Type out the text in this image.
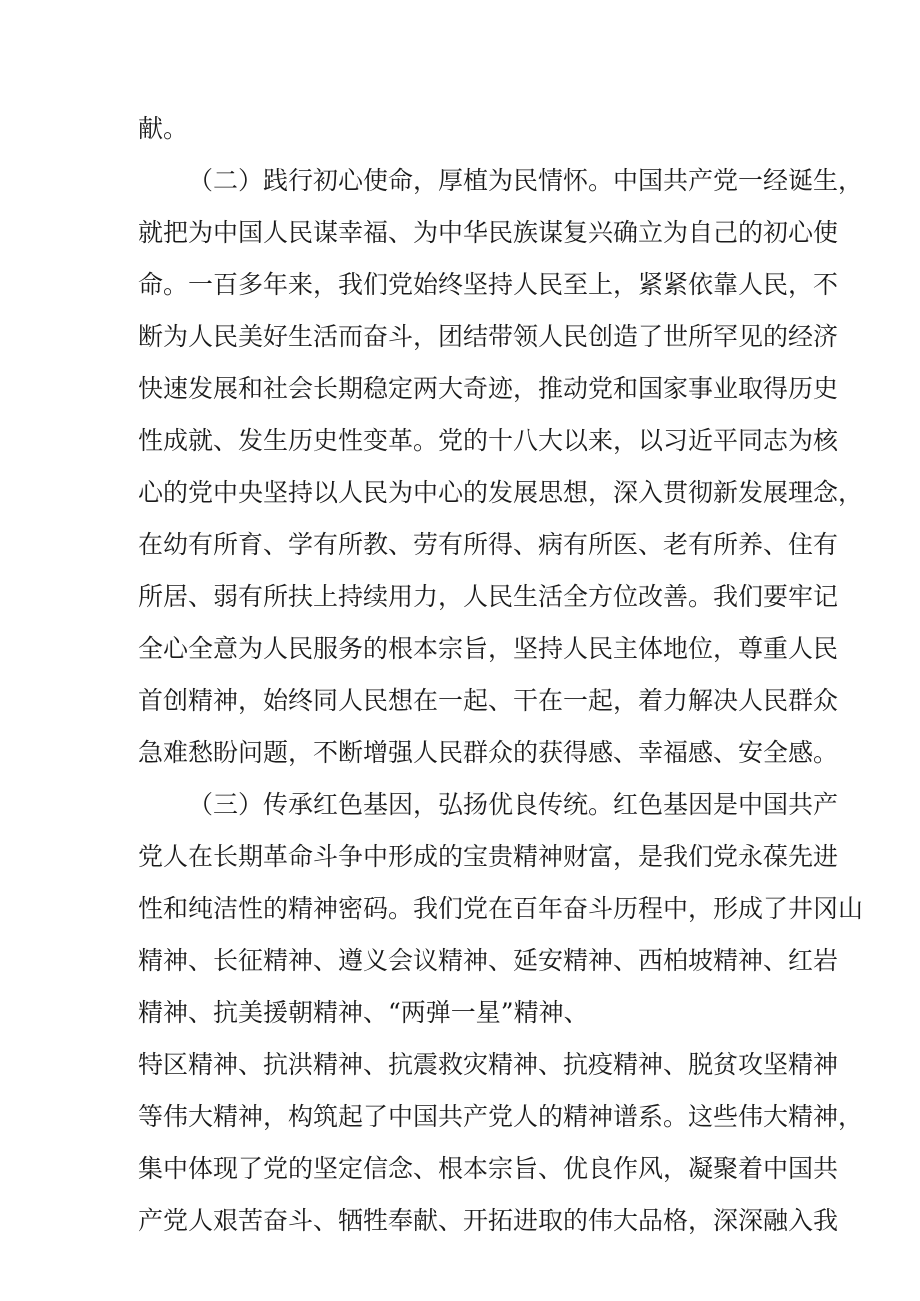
献。
（二）践行初心使命，厚植为民情怀。中国共产党一经诞生，
就把为中国人民谋幸福、为中华民族谋复兴确立为自己的初心使
命。一百多年来，我们党始终坚持人民至上，紧紧依靠人民，不
断为人民美好生活而奋斗，团结带领人民创造了世所罕见的经济
快速发展和社会长期稳定两大奇迹，推动党和国家事业取得历史
性成就、发生历史性变革。党的十八大以来，以习近平同志为核
心的党中央坚持以人民为中心的发展思想，深入贯彻新发展理念，
在幼有所育、学有所教、劳有所得、病有所医、老有所养、住有
所居、弱有所扶上持续用力，人民生活全方位改善。我们要牢记
全心全意为人民服务的根本宗旨，坚持人民主体地位，尊重人民
首创精神，始终同人民想在一起、干在一起，着力解决人民群众
急难愁盼问题，不断增强人民群众的获得感、幸福感、安全感。
（三）传承红色基因，弘扬优良传统。红色基因是中国共产
党人在长期革命斗争中形成的宝贵精神财富，是我们党永葆先进
性和纯洁性的精神密码。我们党在百年奋斗历程中，形成了井冈山
精神、长征精神、遵义会议精神、延安精神、西柏坡精神、红岩
精神、抗美援朝精神、“两弹一星”精神、
特区精神、抗洪精神、抗震救灾精神、抗疫精神、脱贫攻坚精神
等伟大精神，构筑起了中国共产党人的精神谱系。这些伟大精神，
集中体现了党的坚定信念、根本宗旨、优良作风，凝聚着中国共
产党人艰苦奋斗、牺牲奉献、开拓进取的伟大品格，深深融入我
